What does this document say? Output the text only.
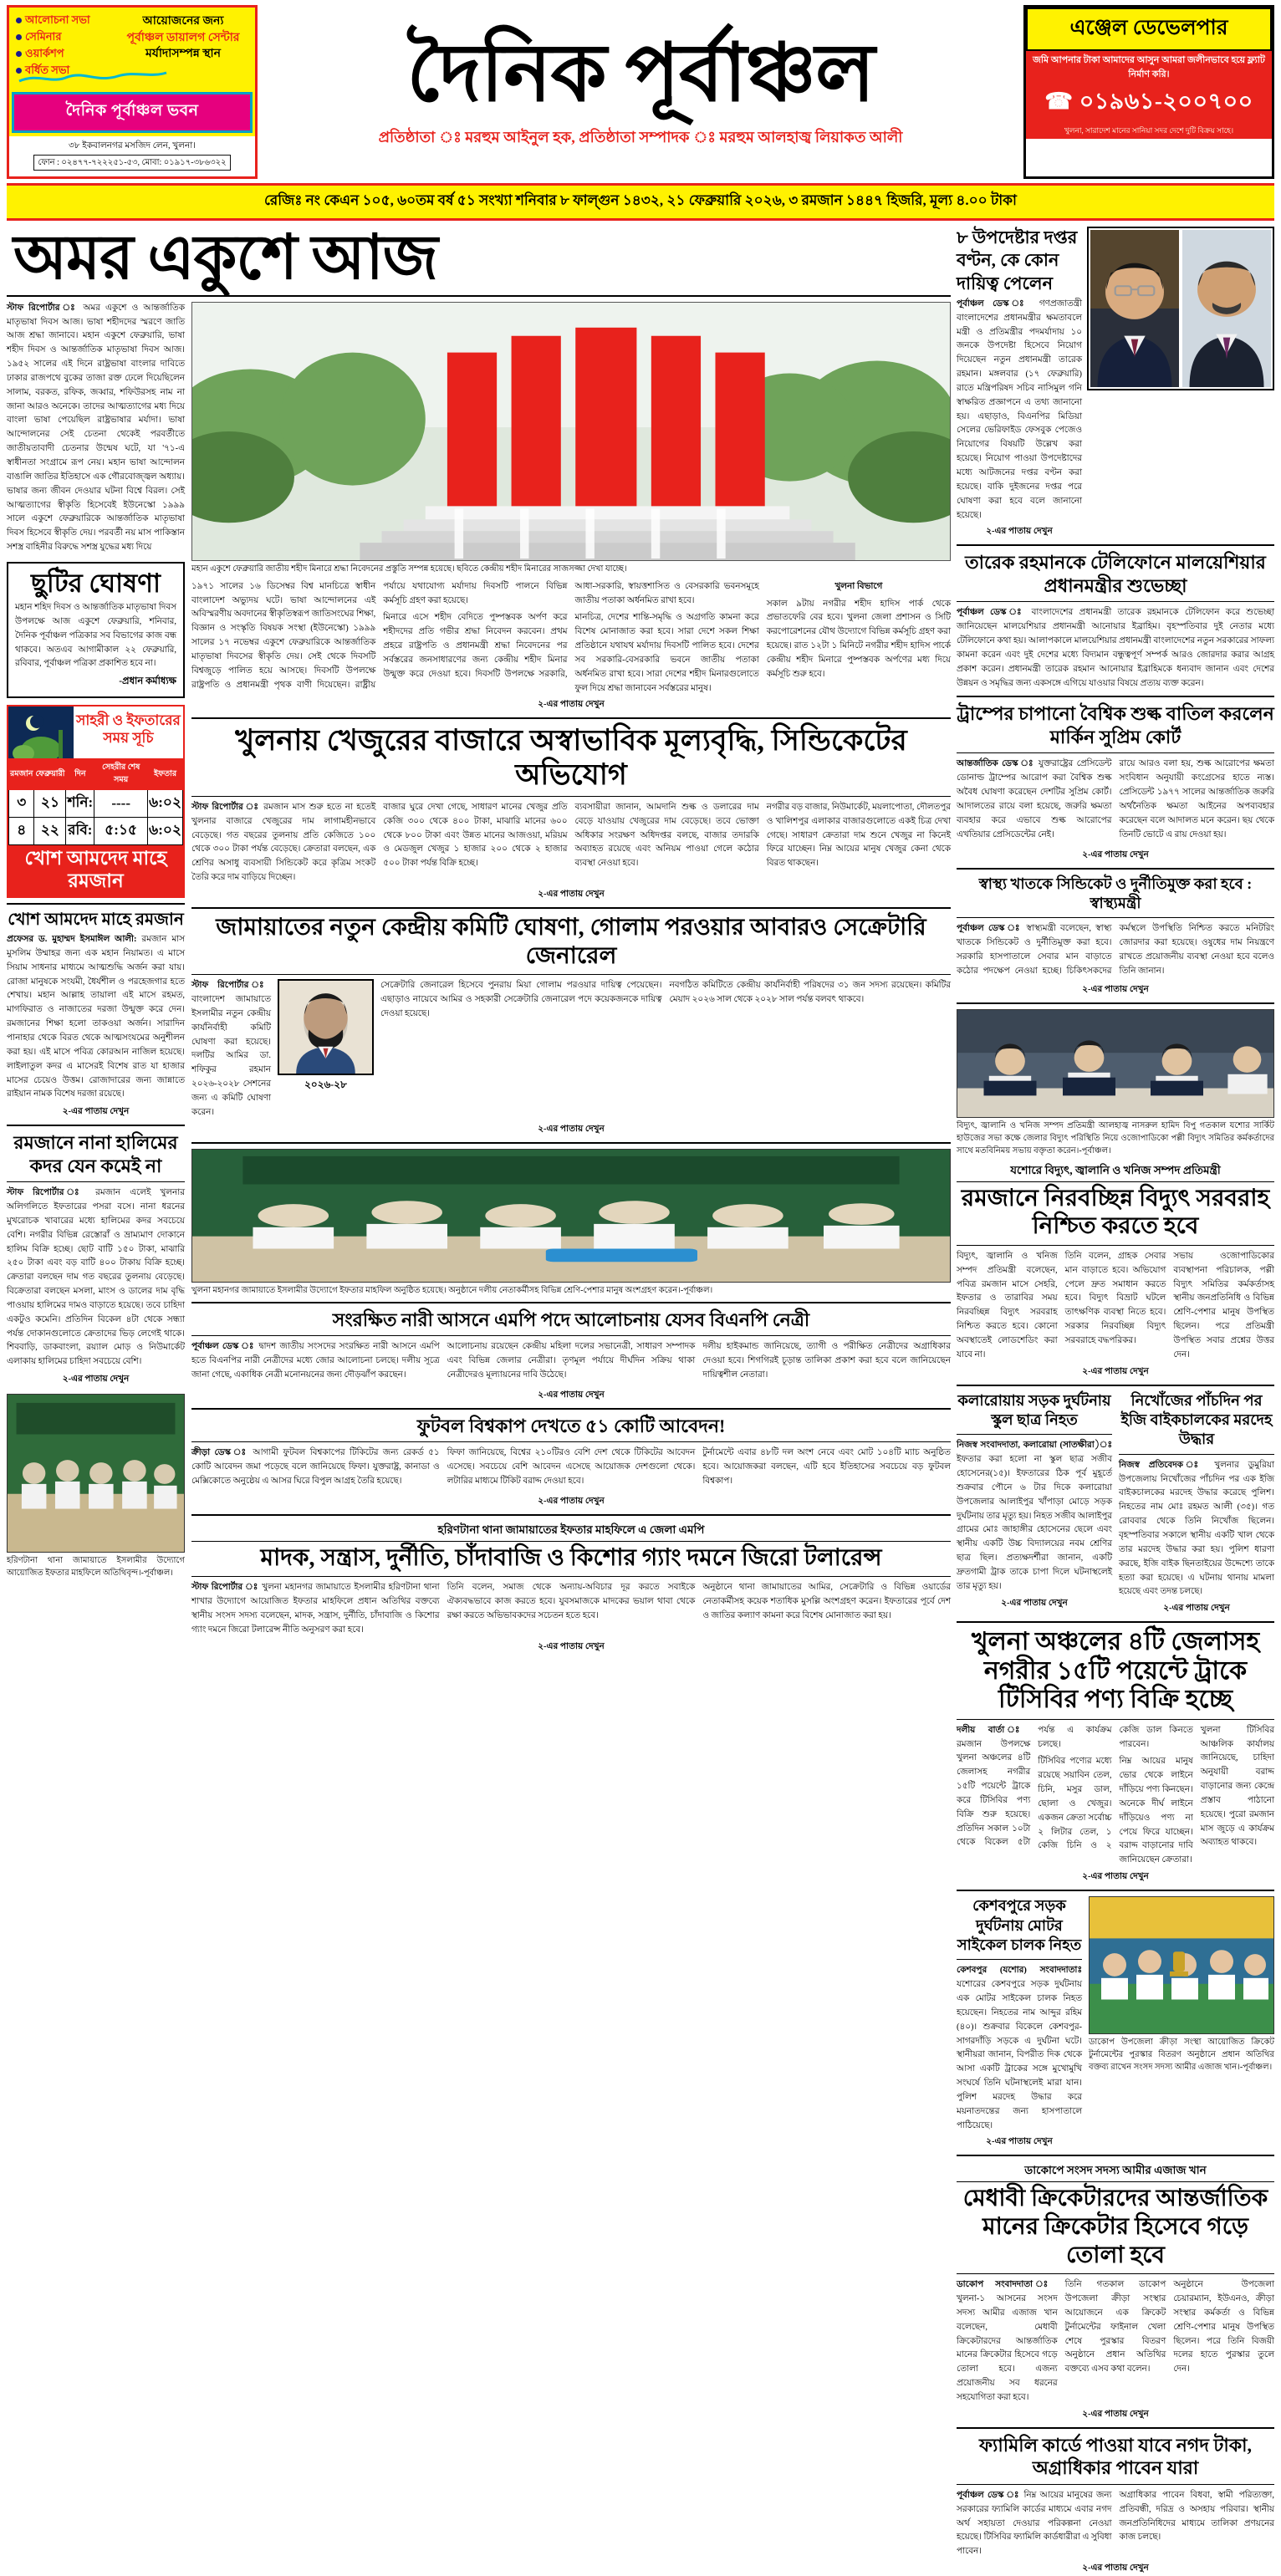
আলোচনা সভা
সেমিনার
ওয়ার্কশপ
বর্ধিত সভা
আয়োজনের জন্য
পূর্বাঞ্চল ডায়ালগ সেন্টার
মর্যাদাসম্পন্ন স্থান
দৈনিক পূর্বাঞ্চল ভবন
৩৮ ইকবালনগর মসজিদ লেন, খুলনা।
ফোন : ০২৪৭৭-৭২২২৫১-৫৩, মোবা: ০১৯১৭-৩৮৬৩২২
দৈনিক পূর্বাঞ্চল
প্রতিষ্ঠাতা ঃ মরহুম আইনুল হক, প্রতিষ্ঠাতা সম্পাদক ঃ মরহুম আলহাজ্ব লিয়াকত আলী
এঞ্জেল ডেভেলপার
জমি আপনার টাকা আমাদের আসুন আমরা জলীনভাবে হয়ে ফ্ল্যাট নির্মাণ করি।
☎ ০১৯৬১-২০০৭০০
খুলনা, সারাদেশ মানের সানিয়া সদর দেশে দুটি বিক্রয় সাহে।
রেজিঃ নং কেএন ১০৫, ৬০তম বর্ষ ৫১ সংখ্যা শনিবার ৮ ফাল্গুন ১৪৩২, ২১ ফেব্রুয়ারি ২০২৬, ৩ রমজান ১৪৪৭ হিজরি, মূল্য ৪.০০ টাকা
অমর একুশে আজ

স্টাফ রিপোর্টার ঃ অমর একুশে ও আন্তর্জাতিক মাতৃভাষা দিবস আজ। ভাষা শহীদদের স্মরণে জাতি আজ শ্রদ্ধা জানাবে। মহান একুশে ফেব্রুয়ারি, ভাষা শহীদ দিবস ও আন্তর্জাতিক মাতৃভাষা দিবস আজ। ১৯৫২ সালের এই দিনে রাষ্ট্রভাষা বাংলার দাবিতে ঢাকার রাজপথে বুকের তাজা রক্ত ঢেলে দিয়েছিলেন সালাম, বরকত, রফিক, জব্বার, শফিউরসহ নাম না জানা আরও অনেকে। তাদের আত্মত্যাগের মধ্য দিয়ে বাংলা ভাষা পেয়েছিল রাষ্ট্রভাষার মর্যাদা। ভাষা আন্দোলনের সেই চেতনা থেকেই পরবর্তীতে জাতীয়তাবাদী চেতনার উন্মেষ ঘটে, যা '৭১-এ স্বাধীনতা সংগ্রামে রূপ নেয়। মহান ভাষা আন্দোলন বাঙালি জাতির ইতিহাসে এক গৌরবোজ্জ্বল অধ্যায়। ভাষার জন্য জীবন দেওয়ার ঘটনা বিশ্বে বিরল। সেই আত্মত্যাগের স্বীকৃতি হিসেবেই ইউনেস্কো ১৯৯৯ সালে একুশে ফেব্রুয়ারিকে আন্তর্জাতিক মাতৃভাষা দিবস হিসেবে স্বীকৃতি দেয়। পরবর্তী নয় মাস পাকিস্তান সশস্ত্র বাহিনীর বিরুদ্ধে সশস্ত্র যুদ্ধের মধ্য দিয়ে

ছুটির ঘোষণা
মহান শহিদ দিবস ও আন্তর্জাতিক মাতৃভাষা দিবস উপলক্ষে আজ একুশে ফেব্রুয়ারি, শনিবার, দৈনিক পূর্বাঞ্চল পত্রিকার সব বিভাগের কাজ বন্ধ থাকবে। অতএব আগামীকাল ২২ ফেব্রুয়ারি, রবিবার, পূর্বাঞ্চল পত্রিকা প্রকাশিত হবে না।
-প্রধান কর্মাধ্যক্ষ
সাহরী ও ইফতারের সময় সূচি
রমজান	ফেব্রুয়ারী	দিন	সেহরীর শেষ সময়	ইফতার
৩	২১	শনি:	----	৬:০২
৪	২২	রবি:	৫:১৫	৬:০২
খোশ আমদেদ মাহে রমজান
খোশ আমদেদ মাহে রমজান

প্রফেসর ড. মুহাম্মদ ইসমাঈল আলী: রমজান মাস মুসলিম উম্মাহর জন্য এক মহান নিয়ামত। এ মাসে সিয়াম সাধনার মাধ্যমে আত্মশুদ্ধি অর্জন করা যায়। রোজা মানুষকে সংযমী, ধৈর্যশীল ও পরহেজগার হতে শেখায়। মহান আল্লাহ তায়ালা এই মাসে রহমত, মাগফিরাত ও নাজাতের দরজা উন্মুক্ত করে দেন। রমজানের শিক্ষা হলো তাকওয়া অর্জন। সারাদিন পানাহার থেকে বিরত থেকে আত্মসংযমের অনুশীলন করা হয়। এই মাসে পবিত্র কোরআন নাজিল হয়েছে। লাইলাতুল কদর এ মাসেরই বিশেষ রাত যা হাজার মাসের চেয়েও উত্তম। রোজাদারের জন্য জান্নাতে রাইয়ান নামক বিশেষ দরজা রয়েছে।

২-এর পাতায় দেখুন
রমজানে নানা হালিমের কদর যেন কমেই না

স্টাফ রিপোর্টার ঃ রমজান এলেই খুলনার অলিগলিতে ইফতারের পসরা বসে। নানা ধরনের মুখরোচক খাবারের মধ্যে হালিমের কদর সবচেয়ে বেশি। নগরীর বিভিন্ন রেস্তোরাঁ ও ভ্রাম্যমাণ দোকানে হালিম বিক্রি হচ্ছে। ছোট বাটি ১৫০ টাকা, মাঝারি ২৫০ টাকা এবং বড় বাটি ৪০০ টাকায় বিক্রি হচ্ছে। ক্রেতারা বলছেন দাম গত বছরের তুলনায় বেড়েছে। বিক্রেতারা বলছেন মসলা, মাংস ও ডালের দাম বৃদ্ধি পাওয়ায় হালিমের দামও বাড়াতে হয়েছে। তবে চাহিদা একটুও কমেনি। প্রতিদিন বিকেল ৪টা থেকে সন্ধ্যা পর্যন্ত দোকানগুলোতে ক্রেতাদের ভিড় লেগেই থাকে। শিববাড়ি, ডাকবাংলা, রয়্যাল মোড় ও নিউমার্কেট এলাকায় হালিমের চাহিদা সবচেয়ে বেশি।

২-এর পাতায় দেখুন
হরিণটানা থানা জামায়াতে ইসলামীর উদ্যোগে আয়োজিত ইফতার মাহফিলে অতিথিবৃন্দ।-পূর্বাঞ্চল।
মহান একুশে ফেব্রুয়ারি জাতীয় শহীদ মিনারে শ্রদ্ধা নিবেদনের প্রস্তুতি সম্পন্ন হয়েছে। ছবিতে কেন্দ্রীয় শহীদ মিনারের সাজসজ্জা দেখা যাচ্ছে।

১৯৭১ সালের ১৬ ডিসেম্বর বিশ্ব মানচিত্রে স্বাধীন বাংলাদেশ অভ্যুদয় ঘটে। ভাষা আন্দোলনের এই অবিস্মরণীয় অবদানের স্বীকৃতিস্বরূপ জাতিসংঘের শিক্ষা, বিজ্ঞান ও সংস্কৃতি বিষয়ক সংস্থা (ইউনেস্কো) ১৯৯৯ সালের ১৭ নভেম্বর একুশে ফেব্রুয়ারিকে আন্তর্জাতিক মাতৃভাষা দিবসের স্বীকৃতি দেয়। সেই থেকে দিবসটি বিশ্বজুড়ে পালিত হয়ে আসছে। দিবসটি উপলক্ষে রাষ্ট্রপতি ও প্রধানমন্ত্রী পৃথক বাণী দিয়েছেন। রাষ্ট্রীয় পর্যায়ে যথাযোগ্য মর্যাদায় দিবসটি পালনে বিভিন্ন কর্মসূচি গ্রহণ করা হয়েছে।

মিনারে এসে শহীদ বেদিতে পুষ্পস্তবক অর্পণ করে শহীদদের প্রতি গভীর শ্রদ্ধা নিবেদন করবেন। প্রথম প্রহরে রাষ্ট্রপতি ও প্রধানমন্ত্রী শ্রদ্ধা নিবেদনের পর সর্বস্তরের জনসাধারণের জন্য কেন্দ্রীয় শহীদ মিনার উন্মুক্ত করে দেওয়া হবে। দিবসটি উপলক্ষে সরকারি, আধা-সরকারি, স্বায়ত্তশাসিত ও বেসরকারি ভবনসমূহে জাতীয় পতাকা অর্ধনমিত রাখা হবে।

মানচিত্র, দেশের শান্তি-সমৃদ্ধি ও অগ্রগতি কামনা করে বিশেষ মোনাজাত করা হবে। সারা দেশে সকল শিক্ষা প্রতিষ্ঠানে যথাযথ মর্যাদায় দিবসটি পালিত হবে। দেশের সব সরকারি-বেসরকারি ভবনে জাতীয় পতাকা অর্ধনমিত রাখা হবে। সারা দেশের শহীদ মিনারগুলোতে ফুল দিয়ে শ্রদ্ধা জানাবেন সর্বস্তরের মানুষ।

খুলনা বিভাগে

সকাল ৯টায় নগরীর শহীদ হাদিস পার্ক থেকে প্রভাতফেরি বের হবে। খুলনা জেলা প্রশাসন ও সিটি করপোরেশনের যৌথ উদ্যোগে বিভিন্ন কর্মসূচি গ্রহণ করা হয়েছে। রাত ১২টা ১ মিনিটে নগরীর শহীদ হাদিস পার্কে কেন্দ্রীয় শহীদ মিনারে পুষ্পস্তবক অর্পণের মধ্য দিয়ে কর্মসূচি শুরু হবে।

২-এর পাতায় দেখুন
খুলনায় খেজুরের বাজারে অস্বাভাবিক মূল্যবৃদ্ধি, সিন্ডিকেটের অভিযোগ

স্টাফ রিপোর্টার ঃ রমজান মাস শুরু হতে না হতেই খুলনার বাজারে খেজুরের দাম লাগামহীনভাবে বেড়েছে। গত বছরের তুলনায় প্রতি কেজিতে ১০০ থেকে ৩০০ টাকা পর্যন্ত বেড়েছে। ক্রেতারা বলছেন, এক শ্রেণির অসাধু ব্যবসায়ী সিন্ডিকেট করে কৃত্রিম সংকট তৈরি করে দাম বাড়িয়ে দিচ্ছেন।

বাজার ঘুরে দেখা গেছে, সাধারণ মানের খেজুর প্রতি কেজি ৩০০ থেকে ৪০০ টাকা, মাঝারি মানের ৬০০ থেকে ৮০০ টাকা এবং উন্নত মানের আজওয়া, মরিয়ম ও মেডজুল খেজুর ১ হাজার ২০০ থেকে ২ হাজার ৫০০ টাকা পর্যন্ত বিক্রি হচ্ছে।

ব্যবসায়ীরা জানান, আমদানি শুল্ক ও ডলারের দাম বেড়ে যাওয়ায় খেজুরের দাম বেড়েছে। তবে ভোক্তা অধিকার সংরক্ষণ অধিদপ্তর বলছে, বাজার তদারকি অব্যাহত রয়েছে এবং অনিয়ম পাওয়া গেলে কঠোর ব্যবস্থা নেওয়া হবে।

নগরীর বড় বাজার, নিউমার্কেট, ময়লাপোতা, দৌলতপুর ও খালিশপুর এলাকার বাজারগুলোতে একই চিত্র দেখা গেছে। সাধারণ ক্রেতারা দাম শুনে খেজুর না কিনেই ফিরে যাচ্ছেন। নিম্ন আয়ের মানুষ খেজুর কেনা থেকে বিরত থাকছেন।

২-এর পাতায় দেখুন
জামায়াতের নতুন কেন্দ্রীয় কমিটি ঘোষণা, গোলাম পরওয়ার আবারও সেক্রেটারি জেনারেল
স্টাফ রিপোর্টার ঃ বাংলাদেশ জামায়াতে ইসলামীর নতুন কেন্দ্রীয় কার্যনির্বাহী কমিটি ঘোষণা করা হয়েছে। দলটির আমির ডা. শফিকুর রহমান ২০২৬-২০২৮ সেশনের জন্য এ কমিটি ঘোষণা করেন।
২০২৬-২৮

সেক্রেটারি জেনারেল হিসেবে পুনরায় মিয়া গোলাম পরওয়ার দায়িত্ব পেয়েছেন। এছাড়াও নায়েবে আমির ও সহকারী সেক্রেটারি জেনারেল পদে কয়েকজনকে দায়িত্ব দেওয়া হয়েছে।

নবগঠিত কমিটিতে কেন্দ্রীয় কার্যনির্বাহী পরিষদের ৩১ জন সদস্য রয়েছেন। কমিটির মেয়াদ ২০২৬ সাল থেকে ২০২৮ সাল পর্যন্ত বলবৎ থাকবে।

২-এর পাতায় দেখুন
খুলনা মহানগর জামায়াতে ইসলামীর উদ্যোগে ইফতার মাহফিল অনুষ্ঠিত হয়েছে। অনুষ্ঠানে দলীয় নেতাকর্মীসহ বিভিন্ন শ্রেণি-পেশার মানুষ অংশগ্রহণ করেন।-পূর্বাঞ্চল।
সংরক্ষিত নারী আসনে এমপি পদে আলোচনায় যেসব বিএনপি নেত্রী

পূর্বাঞ্চল ডেস্ক ঃ দ্বাদশ জাতীয় সংসদের সংরক্ষিত নারী আসনে এমপি হতে বিএনপির নারী নেত্রীদের মধ্যে জোর আলোচনা চলছে। দলীয় সূত্রে জানা গেছে, একাধিক নেত্রী মনোনয়নের জন্য দৌড়ঝাঁপ করছেন।

আলোচনায় রয়েছেন কেন্দ্রীয় মহিলা দলের সভানেত্রী, সাধারণ সম্পাদক এবং বিভিন্ন জেলার নেত্রীরা। তৃণমূল পর্যায়ে দীর্ঘদিন সক্রিয় থাকা নেত্রীদেরও মূল্যায়নের দাবি উঠেছে।

দলীয় হাইকমান্ড জানিয়েছে, ত্যাগী ও পরীক্ষিত নেত্রীদের অগ্রাধিকার দেওয়া হবে। শিগগিরই চূড়ান্ত তালিকা প্রকাশ করা হবে বলে জানিয়েছেন দায়িত্বশীল নেতারা।

২-এর পাতায় দেখুন
ফুটবল বিশ্বকাপ দেখতে ৫১ কোটি আবেদন!

ক্রীড়া ডেস্ক ঃ আগামী ফুটবল বিশ্বকাপের টিকিটের জন্য রেকর্ড ৫১ কোটি আবেদন জমা পড়েছে বলে জানিয়েছে ফিফা। যুক্তরাষ্ট্র, কানাডা ও মেক্সিকোতে অনুষ্ঠেয় এ আসর ঘিরে বিপুল আগ্রহ তৈরি হয়েছে।

ফিফা জানিয়েছে, বিশ্বের ২১০টিরও বেশি দেশ থেকে টিকিটের আবেদন এসেছে। সবচেয়ে বেশি আবেদন এসেছে আয়োজক দেশগুলো থেকে। লটারির মাধ্যমে টিকিট বরাদ্দ দেওয়া হবে।

টুর্নামেন্টে এবার ৪৮টি দল অংশ নেবে এবং মোট ১০৪টি ম্যাচ অনুষ্ঠিত হবে। আয়োজকরা বলছেন, এটি হবে ইতিহাসের সবচেয়ে বড় ফুটবল বিশ্বকাপ।

২-এর পাতায় দেখুন
হরিণটানা থানা জামায়াতের ইফতার মাহফিলে এ জেলা এমপি
মাদক, সন্ত্রাস, দুর্নীতি, চাঁদাবাজি ও কিশোর গ্যাং দমনে জিরো টলারেন্স

স্টাফ রিপোর্টার ঃ খুলনা মহানগর জামায়াতে ইসলামীর হরিণটানা থানা শাখার উদ্যোগে আয়োজিত ইফতার মাহফিলে প্রধান অতিথির বক্তব্যে স্থানীয় সংসদ সদস্য বলেছেন, মাদক, সন্ত্রাস, দুর্নীতি, চাঁদাবাজি ও কিশোর গ্যাং দমনে জিরো টলারেন্স নীতি অনুসরণ করা হবে।

তিনি বলেন, সমাজ থেকে অন্যায়-অবিচার দূর করতে সবাইকে ঐক্যবদ্ধভাবে কাজ করতে হবে। যুবসমাজকে মাদকের ভয়াল থাবা থেকে রক্ষা করতে অভিভাবকদের সচেতন হতে হবে।

অনুষ্ঠানে থানা জামায়াতের আমির, সেক্রেটারি ও বিভিন্ন ওয়ার্ডের নেতাকর্মীসহ কয়েক শতাধিক মুসল্লি অংশগ্রহণ করেন। ইফতারের পূর্বে দেশ ও জাতির কল্যাণ কামনা করে বিশেষ মোনাজাত করা হয়।

২-এর পাতায় দেখুন
৮ উপদেষ্টার দপ্তর বণ্টন, কে কোন দায়িত্ব পেলেন
পূর্বাঞ্চল ডেস্ক ঃ গণপ্রজাতন্ত্রী বাংলাদেশের প্রধানমন্ত্রীর ক্ষমতাবলে মন্ত্রী ও প্রতিমন্ত্রীর পদমর্যাদায় ১০ জনকে উপদেষ্টা হিসেবে নিয়োগ দিয়েছেন নতুন প্রধানমন্ত্রী তারেক রহমান। মঙ্গলবার (১৭ ফেব্রুয়ারি) রাতে মন্ত্রিপরিষদ সচিব নাসিমুল গনি স্বাক্ষরিত প্রজ্ঞাপনে এ তথ্য জানানো হয়। এছাড়াও, বিএনপির মিডিয়া সেলের ভেরিফাইড ফেসবুক পেজেও নিয়োগের বিষয়টি উল্লেখ করা হয়েছে। নিয়োগ পাওয়া উপদেষ্টাদের মধ্যে আটজনের দপ্তর বণ্টন করা হয়েছে। বাকি দুইজনের দপ্তর পরে ঘোষণা করা হবে বলে জানানো হয়েছে।
২-এর পাতায় দেখুন
তারেক রহমানকে টেলিফোনে মালয়েশিয়ার প্রধানমন্ত্রীর শুভেচ্ছা
পূর্বাঞ্চল ডেস্ক ঃ বাংলাদেশের প্রধানমন্ত্রী তারেক রহমানকে টেলিফোন করে শুভেচ্ছা জানিয়েছেন মালয়েশিয়ার প্রধানমন্ত্রী আনোয়ার ইব্রাহিম। বৃহস্পতিবার দুই নেতার মধ্যে টেলিফোনে কথা হয়। আলাপকালে মালয়েশিয়ার প্রধানমন্ত্রী বাংলাদেশের নতুন সরকারের সাফল্য কামনা করেন এবং দুই দেশের মধ্যে বিদ্যমান বন্ধুত্বপূর্ণ সম্পর্ক আরও জোরদার করার আগ্রহ প্রকাশ করেন। প্রধানমন্ত্রী তারেক রহমান আনোয়ার ইব্রাহিমকে ধন্যবাদ জানান এবং দেশের উন্নয়ন ও সমৃদ্ধির জন্য একসঙ্গে এগিয়ে যাওয়ার বিষয়ে প্রত্যয় ব্যক্ত করেন।
ট্রাম্পের চাপানো বৈশ্বিক শুল্ক বাতিল করলেন মার্কিন সুপ্রিম কোর্ট

আন্তর্জাতিক ডেস্ক ঃ যুক্তরাষ্ট্রের প্রেসিডেন্ট ডোনাল্ড ট্রাম্পের আরোপ করা বৈশ্বিক শুল্ক অবৈধ ঘোষণা করেছেন দেশটির সুপ্রিম কোর্ট। আদালতের রায়ে বলা হয়েছে, জরুরি ক্ষমতা ব্যবহার করে এভাবে শুল্ক আরোপের এখতিয়ার প্রেসিডেন্টের নেই।

রায়ে আরও বলা হয়, শুল্ক আরোপের ক্ষমতা সংবিধান অনুযায়ী কংগ্রেসের হাতে ন্যস্ত। প্রেসিডেন্ট ১৯৭৭ সালের আন্তর্জাতিক জরুরি অর্থনৈতিক ক্ষমতা আইনের অপব্যবহার করেছেন বলে আদালত মনে করেন। ছয় থেকে তিনটি ভোটে এ রায় দেওয়া হয়।

২-এর পাতায় দেখুন
স্বাস্থ্য খাতকে সিন্ডিকেট ও দুর্নীতিমুক্ত করা হবে : স্বাস্থ্যমন্ত্রী

পূর্বাঞ্চল ডেস্ক ঃ স্বাস্থ্যমন্ত্রী বলেছেন, স্বাস্থ্য খাতকে সিন্ডিকেট ও দুর্নীতিমুক্ত করা হবে। সরকারি হাসপাতালে সেবার মান বাড়াতে কঠোর পদক্ষেপ নেওয়া হচ্ছে। চিকিৎসকদের কর্মস্থলে উপস্থিতি নিশ্চিত করতে মনিটরিং জোরদার করা হয়েছে। ওষুধের দাম নিয়ন্ত্রণে রাখতে প্রয়োজনীয় ব্যবস্থা নেওয়া হবে বলেও তিনি জানান।

২-এর পাতায় দেখুন
বিদ্যুৎ, জ্বালানি ও খনিজ সম্পদ প্রতিমন্ত্রী আলহাজ্ব নাসরুল হামিদ বিপু গতকাল যশোর সার্কিট হাউজের সভা কক্ষে জেলার বিদ্যুৎ পরিস্থিতি নিয়ে ওজোপাডিকো পল্লী বিদ্যুৎ সমিতির কর্মকর্তাদের সাথে মতবিনিময় সভায় বক্তৃতা করেন।-পূর্বাঞ্চল।
যশোরে বিদ্যুৎ, জ্বালানি ও খনিজ সম্পদ প্রতিমন্ত্রী
রমজানে নিরবচ্ছিন্ন বিদ্যুৎ সরবরাহ নিশ্চিত করতে হবে

বিদ্যুৎ, জ্বালানি ও খনিজ সম্পদ প্রতিমন্ত্রী বলেছেন, পবিত্র রমজান মাসে সেহরি, ইফতার ও তারাবির সময় নিরবচ্ছিন্ন বিদ্যুৎ সরবরাহ নিশ্চিত করতে হবে। কোনো অবস্থাতেই লোডশেডিং করা যাবে না।

তিনি বলেন, গ্রাহক সেবার মান বাড়াতে হবে। অভিযোগ পেলে দ্রুত সমাধান করতে হবে। বিদ্যুৎ বিভ্রাট ঘটলে তাৎক্ষণিক ব্যবস্থা নিতে হবে। সরকার নিরবচ্ছিন্ন বিদ্যুৎ সরবরাহে বদ্ধপরিকর।

সভায় ওজোপাডিকোর ব্যবস্থাপনা পরিচালক, পল্লী বিদ্যুৎ সমিতির কর্মকর্তাসহ স্থানীয় জনপ্রতিনিধি ও বিভিন্ন শ্রেণি-পেশার মানুষ উপস্থিত ছিলেন। পরে প্রতিমন্ত্রী উপস্থিত সবার প্রশ্নের উত্তর দেন।

২-এর পাতায় দেখুন
কলারোয়ায় সড়ক দুর্ঘটনায় স্কুল ছাত্র নিহত
নিজস্ব সংবাদদাতা, কলারোয়া (সাতক্ষীরা)ঃ ইফতার করা হলো না স্কুল ছাত্র সজীব হোসেনের(১৫)। ইফতারের ঠিক পূর্ব মুহূর্তে শুক্রবার পৌনে ৬ টার দিকে কলারোয়া উপজেলার আলাইপুর খাঁপাড়া মোড়ে সড়ক দুর্ঘটনায় তার মৃত্যু হয়। নিহত সজীব আলাইপুর গ্রামের মোঃ জাহাঙ্গীর হোসেনের ছেলে এবং স্থানীয় একটি উচ্চ বিদ্যালয়ের নবম শ্রেণির ছাত্র ছিল। প্রত্যক্ষদর্শীরা জানান, একটি দ্রুতগামী ট্রাক তাকে চাপা দিলে ঘটনাস্থলেই তার মৃত্যু হয়।
২-এর পাতায় দেখুন
নিখোঁজের পাঁচদিন পর ইজি বাইকচালকের মরদেহ উদ্ধার
নিজস্ব প্রতিবেদক ঃ খুলনার ডুমুরিয়া উপজেলায় নিখোঁজের পাঁচদিন পর এক ইজি বাইকচালকের মরদেহ উদ্ধার করেছে পুলিশ। নিহতের নাম মোঃ রহমত আলী (৩৫)। গত রোববার থেকে তিনি নিখোঁজ ছিলেন। বৃহস্পতিবার সকালে স্থানীয় একটি খাল থেকে তার মরদেহ উদ্ধার করা হয়। পুলিশ ধারণা করছে, ইজি বাইক ছিনতাইয়ের উদ্দেশ্যে তাকে হত্যা করা হয়েছে। এ ঘটনায় থানায় মামলা হয়েছে এবং তদন্ত চলছে।
২-এর পাতায় দেখুন
খুলনা অঞ্চলের ৪টি জেলাসহ নগরীর ১৫টি পয়েন্টে ট্রাকে টিসিবির পণ্য বিক্রি হচ্ছে

দলীয় বার্তা ঃ রমজান উপলক্ষে খুলনা অঞ্চলের ৪টি জেলাসহ নগরীর ১৫টি পয়েন্টে ট্রাকে করে টিসিবির পণ্য বিক্রি শুরু হয়েছে। প্রতিদিন সকাল ১০টা থেকে বিকেল ৫টা পর্যন্ত এ কার্যক্রম চলছে।

টিসিবির পণ্যের মধ্যে রয়েছে সয়াবিন তেল, চিনি, মসুর ডাল, ছোলা ও খেজুর। একজন ক্রেতা সর্বোচ্চ ২ লিটার তেল, ১ কেজি চিনি ও ২ কেজি ডাল কিনতে পারবেন।

নিম্ন আয়ের মানুষ ভোর থেকে লাইনে দাঁড়িয়ে পণ্য কিনছেন। অনেকে দীর্ঘ লাইনে দাঁড়িয়েও পণ্য না পেয়ে ফিরে যাচ্ছেন। বরাদ্দ বাড়ানোর দাবি জানিয়েছেন ক্রেতারা।

খুলনা টিসিবির আঞ্চলিক কার্যালয় জানিয়েছে, চাহিদা অনুযায়ী বরাদ্দ বাড়ানোর জন্য কেন্দ্রে প্রস্তাব পাঠানো হয়েছে। পুরো রমজান মাস জুড়ে এ কার্যক্রম অব্যাহত থাকবে।

২-এর পাতায় দেখুন
কেশবপুরে সড়ক দুর্ঘটনায় মোটর সাইকেল চালক নিহত
কেশবপুর (যশোর) সংবাদদাতাঃ যশোরের কেশবপুরে সড়ক দুর্ঘটনায় এক মোটর সাইকেল চালক নিহত হয়েছেন। নিহতের নাম আব্দুর রহিম (৪০)। শুক্রবার বিকেলে কেশবপুর-সাগরদাঁড়ি সড়কে এ দুর্ঘটনা ঘটে। স্থানীয়রা জানান, বিপরীত দিক থেকে আসা একটি ট্রাকের সঙ্গে মুখোমুখি সংঘর্ষে তিনি ঘটনাস্থলেই মারা যান। পুলিশ মরদেহ উদ্ধার করে ময়নাতদন্তের জন্য হাসপাতালে পাঠিয়েছে।
২-এর পাতায় দেখুন
ডাকোপ উপজেলা ক্রীড়া সংস্থা আয়োজিত ক্রিকেট টুর্নামেন্টের পুরস্কার বিতরণ অনুষ্ঠানে প্রধান অতিথির বক্তব্য রাখেন সংসদ সদস্য আমীর এজাজ খান।-পূর্বাঞ্চল।
ডাকোপে সংসদ সদস্য আমীর এজাজ খান
মেধাবী ক্রিকেটারদের আন্তর্জাতিক মানের ক্রিকেটার হিসেবে গড়ে তোলা হবে

ডাকোপ সংবাদদাতা ঃ খুলনা-১ আসনের সংসদ সদস্য আমীর এজাজ খান বলেছেন, মেধাবী ক্রিকেটারদের আন্তর্জাতিক মানের ক্রিকেটার হিসেবে গড়ে তোলা হবে। এজন্য প্রয়োজনীয় সব ধরনের সহযোগিতা করা হবে।

তিনি গতকাল ডাকোপ উপজেলা ক্রীড়া সংস্থার আয়োজনে এক ক্রিকেট টুর্নামেন্টের ফাইনাল খেলা শেষে পুরস্কার বিতরণ অনুষ্ঠানে প্রধান অতিথির বক্তব্যে এসব কথা বলেন।

অনুষ্ঠানে উপজেলা চেয়ারম্যান, ইউএনও, ক্রীড়া সংস্থার কর্মকর্তা ও বিভিন্ন শ্রেণি-পেশার মানুষ উপস্থিত ছিলেন। পরে তিনি বিজয়ী দলের হাতে পুরস্কার তুলে দেন।

২-এর পাতায় দেখুন
ফ্যামিলি কার্ডে পাওয়া যাবে নগদ টাকা, অগ্রাধিকার পাবেন যারা

পূর্বাঞ্চল ডেস্ক ঃ নিম্ন আয়ের মানুষের জন্য সরকারের ফ্যামিলি কার্ডের মাধ্যমে এবার নগদ অর্থ সহায়তা দেওয়ার পরিকল্পনা নেওয়া হয়েছে। টিসিবির ফ্যামিলি কার্ডধারীরা এ সুবিধা পাবেন।

অগ্রাধিকার পাবেন বিধবা, স্বামী পরিত্যক্তা, প্রতিবন্ধী, দরিদ্র ও অসহায় পরিবার। স্থানীয় জনপ্রতিনিধিদের মাধ্যমে তালিকা প্রণয়নের কাজ চলছে।

২-এর পাতায় দেখুন
